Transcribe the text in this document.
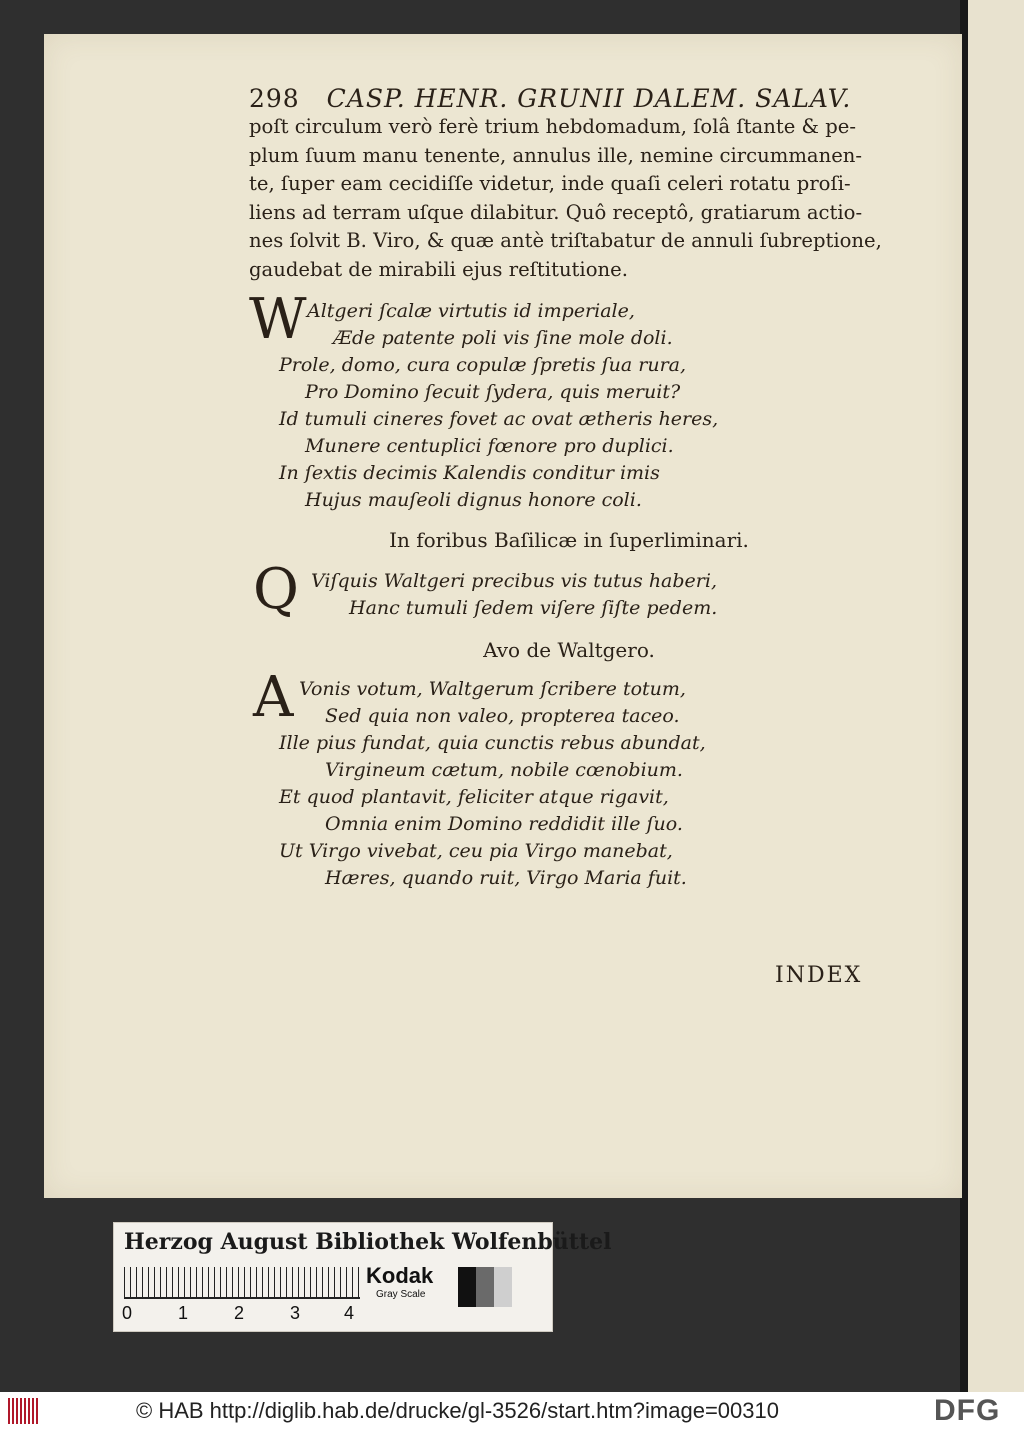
298 CASP. HENR. GRUNII DALEM. SALAV.
poſt circulum verò ferè trium hebdomadum, ſolâ ſtante & pe-
plum ſuum manu tenente, annulus ille, nemine circummanen-
te, ſuper eam cecidiſſe videtur, inde quaſi celeri rotatu proſi-
liens ad terram uſque dilabitur. Quô receptô, gratiarum actio-
nes ſolvit B. Viro, & quæ antè triſtabatur de annuli ſubreptione,
gaudebat de mirabili ejus reſtitutione.
W Altgeri ſcalæ virtutis id imperiale,
Æde patente poli vis ſine mole doli.
Prole, domo, cura copulæ ſpretis ſua rura,
Pro Domino ſecuit ſydera, quis meruit?
Id tumuli cineres fovet ac ovat ætheris heres,
Munere centuplici fœnore pro duplici.
In ſextis decimis Kalendis conditur imis
Hujus mauſeoli dignus honore coli.
In foribus Baſilicæ in ſuperliminari.
Q Viſquis Waltgeri precibus vis tutus haberi,
Hanc tumuli ſedem viſere ſiſte pedem.
Avo de Waltgero.
A Vonis votum, Waltgerum ſcribere totum,
Sed quia non valeo, propterea taceo.
Ille pius fundat, quia cunctis rebus abundat,
Virgineum cætum, nobile cœnobium.
Et quod plantavit, feliciter atque rigavit,
Omnia enim Domino reddidit ille ſuo.
Ut Virgo vivebat, ceu pia Virgo manebat,
Hæres, quando ruit, Virgo Maria fuit.
INDEX
Herzog August Bibliothek Wolfenbüttel
0	1	2	3 4
Kodak
Gray Scale
© HAB http://diglib.hab.de/drucke/gl-3526/start.htm?image=00310	DFG
